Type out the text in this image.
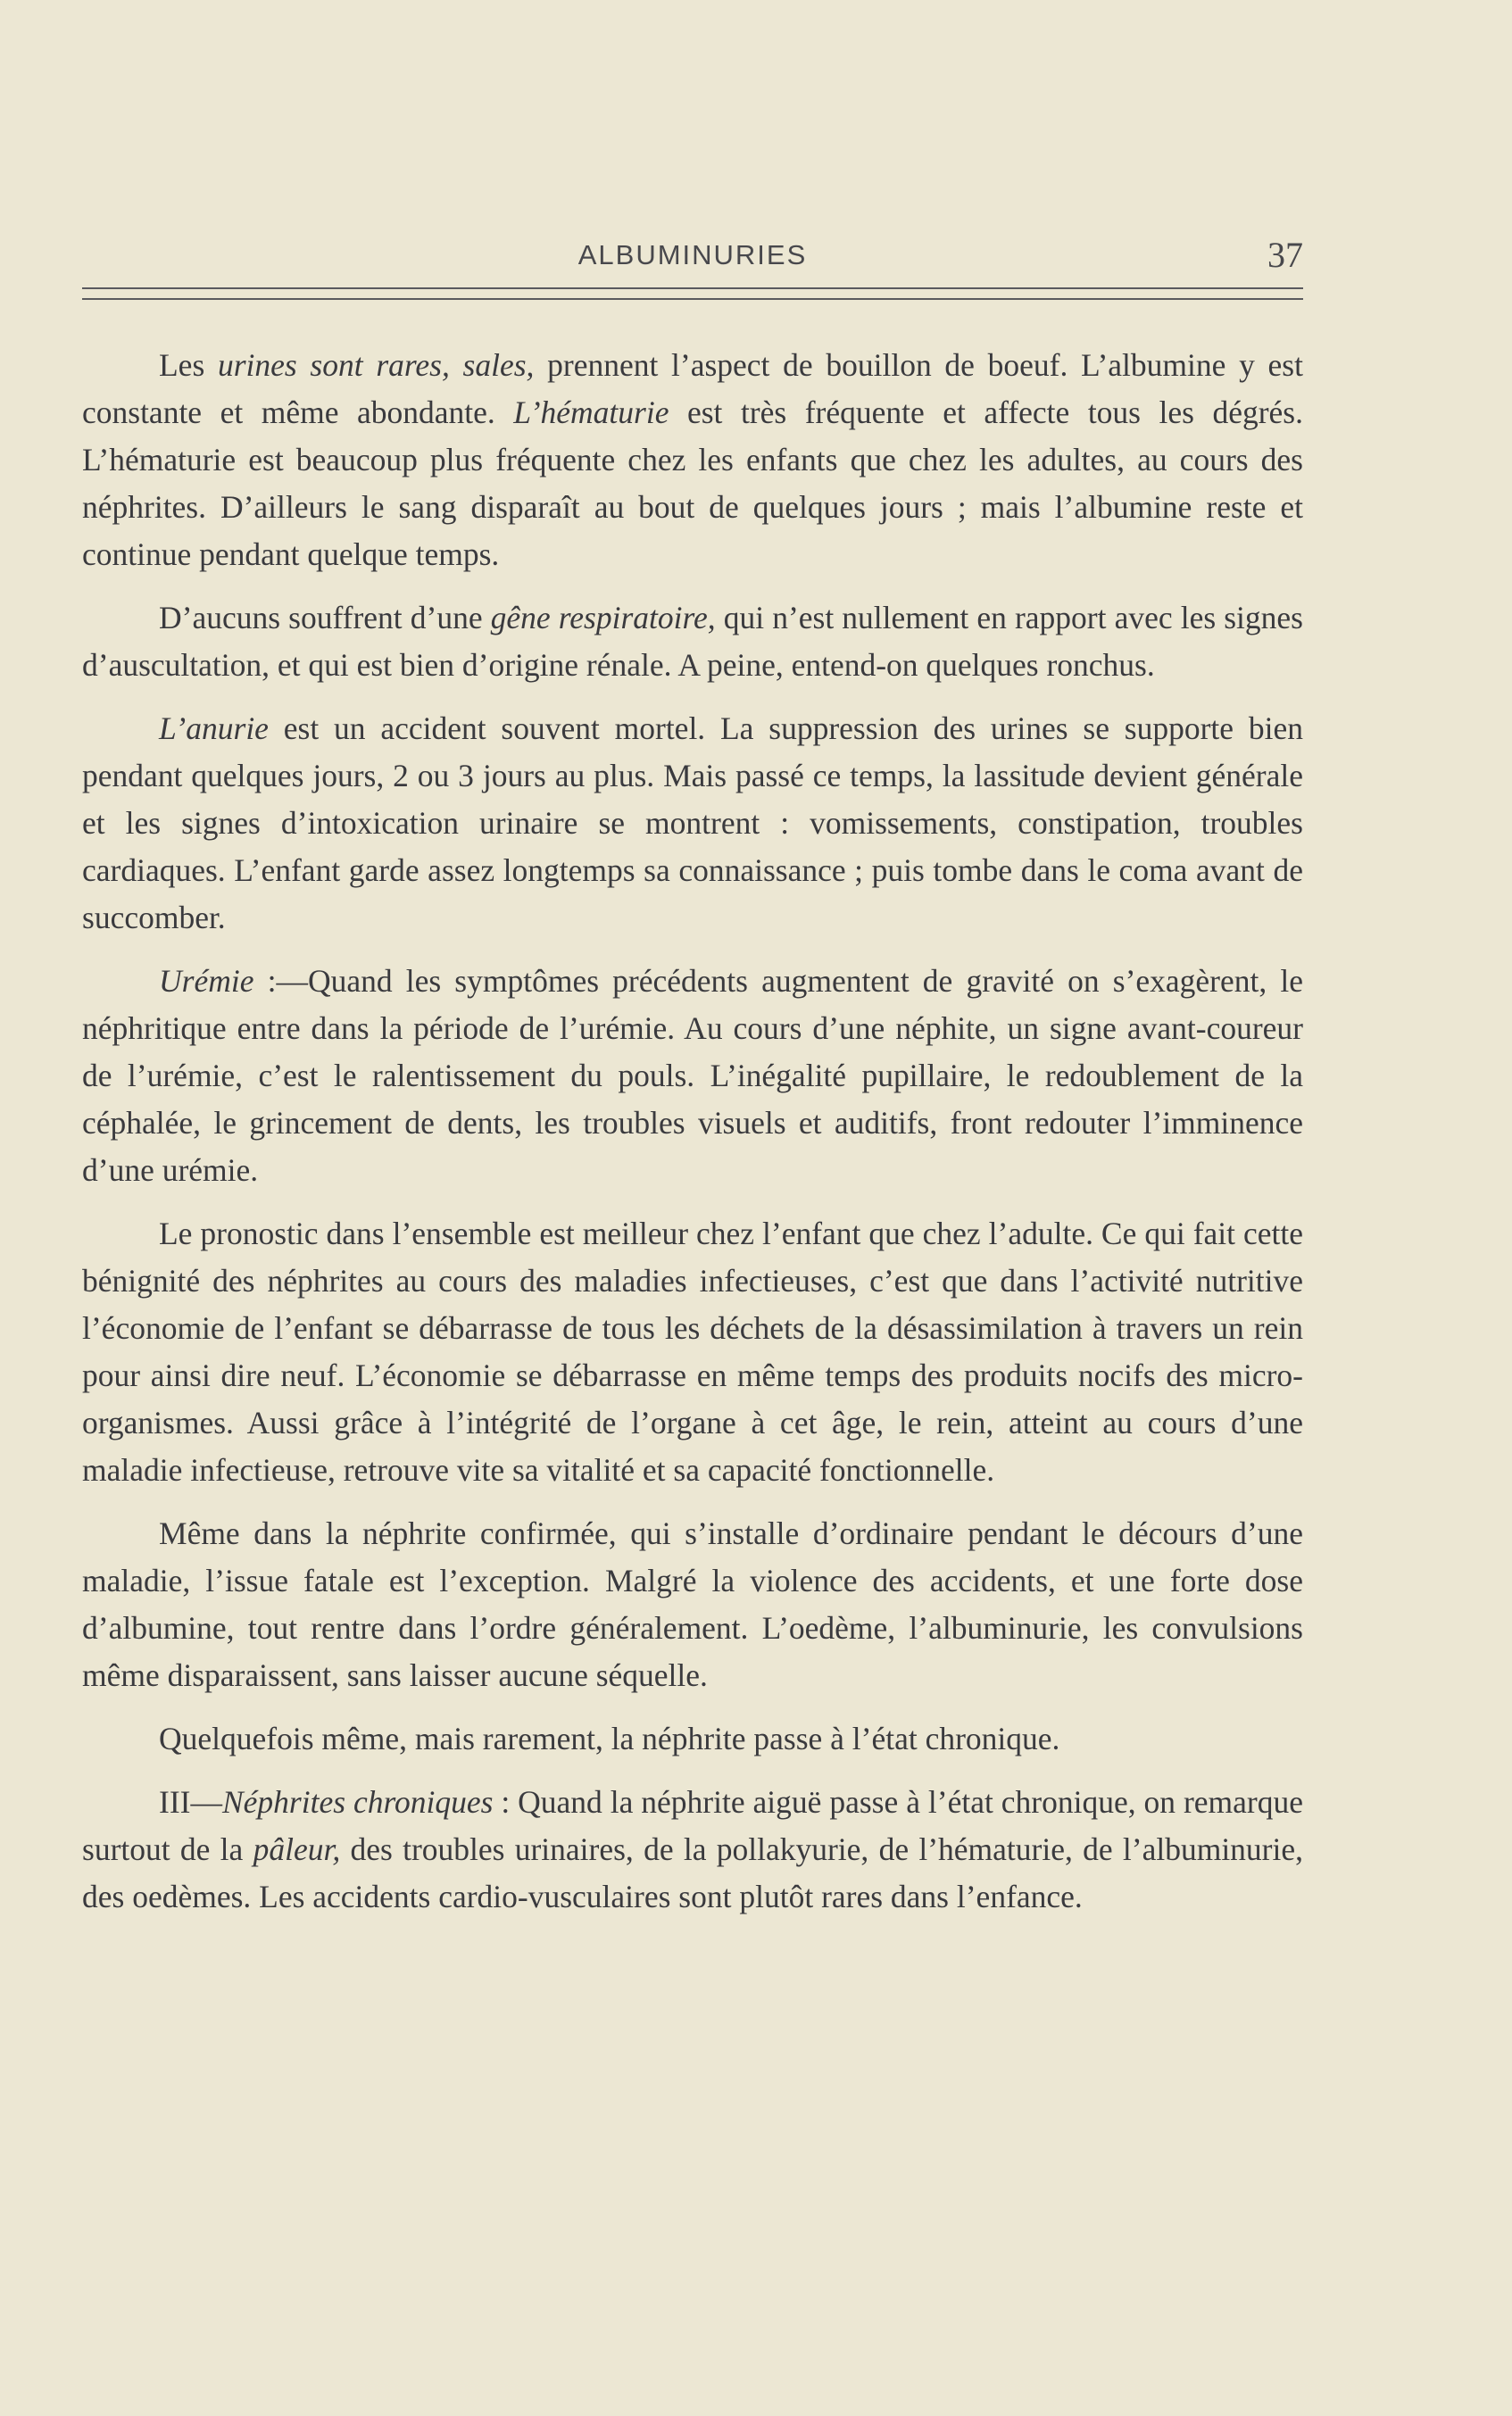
ALBUMINURIES	37

Les urines sont rares, sales, prennent l’aspect de bouillon de boeuf. L’albumine y est constante et même abondante. L’hématurie est très fréquente et affecte tous les dégrés. L’hématurie est beaucoup plus fréquente chez les enfants que chez les adultes, au cours des néphrites. D’ailleurs le sang disparaît au bout de quelques jours ; mais l’albumine reste et continue pendant quelque temps.

D’aucuns souffrent d’une gêne respiratoire, qui n’est nullement en rapport avec les signes d’auscultation, et qui est bien d’origine rénale. A peine, entend-on quelques ronchus.

L’anurie est un accident souvent mortel. La suppression des urines se supporte bien pendant quelques jours, 2 ou 3 jours au plus. Mais passé ce temps, la lassitude devient générale et les signes d’intoxication urinaire se montrent : vomissements, constipation, troubles cardiaques. L’enfant garde assez longtemps sa connaissance ; puis tombe dans le coma avant de succomber.

Urémie :—Quand les symptômes précédents augmentent de gravité on s’exagèrent, le néphritique entre dans la période de l’urémie. Au cours d’une néphite, un signe avant-coureur de l’urémie, c’est le ralentissement du pouls. L’inégalité pupillaire, le redoublement de la céphalée, le grincement de dents, les troubles visuels et auditifs, front redouter l’imminence d’une urémie.

Le pronostic dans l’ensemble est meilleur chez l’enfant que chez l’adulte. Ce qui fait cette bénignité des néphrites au cours des maladies infectieuses, c’est que dans l’activité nutritive l’économie de l’enfant se débarrasse de tous les déchets de la désassimilation à travers un rein pour ainsi dire neuf. L’économie se débarrasse en même temps des produits nocifs des micro-organismes. Aussi grâce à l’intégrité de l’organe à cet âge, le rein, atteint au cours d’une maladie infectieuse, retrouve vite sa vitalité et sa capacité fonctionnelle.

Même dans la néphrite confirmée, qui s’installe d’ordinaire pendant le décours d’une maladie, l’issue fatale est l’exception. Malgré la violence des accidents, et une forte dose d’albumine, tout rentre dans l’ordre généralement. L’oedème, l’albuminurie, les convulsions même disparaissent, sans laisser aucune séquelle.

Quelquefois même, mais rarement, la néphrite passe à l’état chronique.

III—Néphrites chroniques : Quand la néphrite aiguë passe à l’état chronique, on remarque surtout de la pâleur, des troubles urinaires, de la pollakyurie, de l’hématurie, de l’albuminurie, des oedèmes. Les accidents cardio-vusculaires sont plutôt rares dans l’enfance.
